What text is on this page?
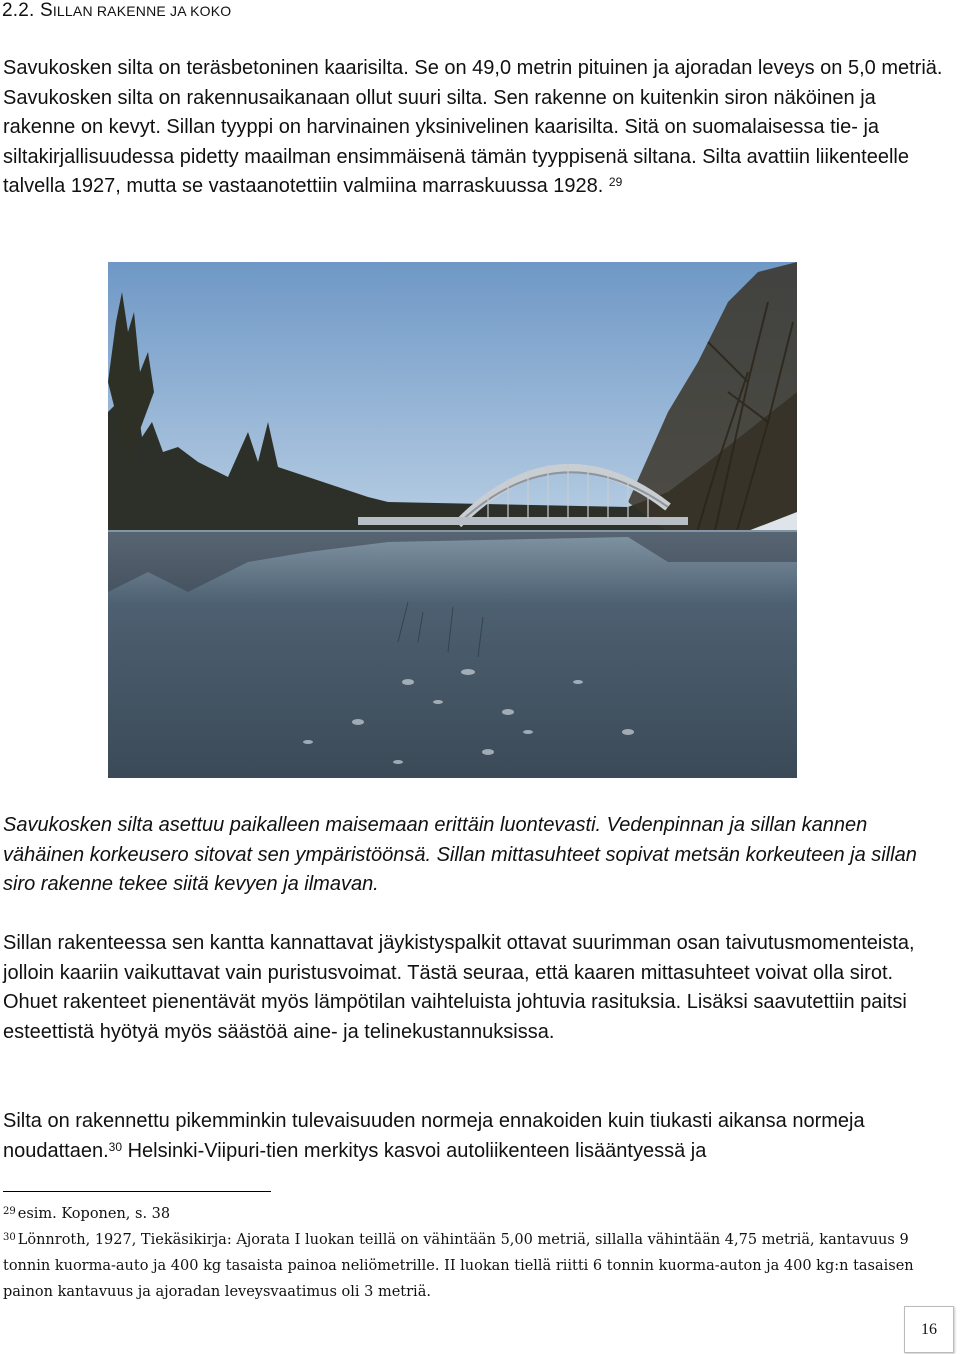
2.2. SILLAN RAKENNE JA KOKO
Savukosken silta on teräsbetoninen kaarisilta. Se on 49,0 metrin pituinen ja ajoradan leveys on 5,0 metriä. Savukosken silta on rakennusaikanaan ollut suuri silta. Sen rakenne on kuitenkin siron näköinen ja rakenne on kevyt. Sillan tyyppi on harvinainen yksinivelinen kaarisilta. Sitä on suomalaisessa tie- ja siltakirjallisuudessa pidetty maailman ensimmäisenä tämän tyyppisenä siltana. Silta avattiin liikenteelle talvella 1927, mutta se vastaanotettiin valmiina marraskuussa 1928. $^{29}$
Savukosken silta asettuu paikalleen maisemaan erittäin luontevasti. Vedenpinnan ja sillan kannen vähäinen korkeusero sitovat sen ympäristöönsä. Sillan mittasuhteet sopivat metsän korkeuteen ja sillan siro rakenne tekee siitä kevyen ja ilmavan.
Sillan rakenteessa sen kantta kannattavat jäykistyspalkit ottavat suurimman osan taivutusmomenteista, jolloin kaariin vaikuttavat vain puristusvoimat. Tästä seuraa, että kaaren mittasuhteet voivat olla sirot. Ohuet rakenteet pienentävät myös lämpötilan vaihteluista johtuvia rasituksia. Lisäksi saavutettiin paitsi esteettistä hyötyä myös säästöä aine- ja telinekustannuksissa.
Silta on rakennettu pikemminkin tulevaisuuden normeja ennakoiden kuin tiukasti aikansa normeja noudattaen.$^{30}$ Helsinki-Viipuri-tien merkitys kasvoi autoliikenteen lisääntyessä ja
$^{29}$ esim. Koponen, s. 38
$^{30}$ Lönnroth, 1927, Tiekäsikirja: Ajorata I luokan teillä on vähintään 5,00 metriä, sillalla vähintään 4,75 metriä, kantavuus 9 tonnin kuorma-auto ja 400 kg tasaista painoa neliömetrille. II luokan tiellä riitti 6 tonnin kuorma-auton ja 400 kg:n tasaisen painon kantavuus ja ajoradan leveysvaatimus oli 3 metriä.
16
